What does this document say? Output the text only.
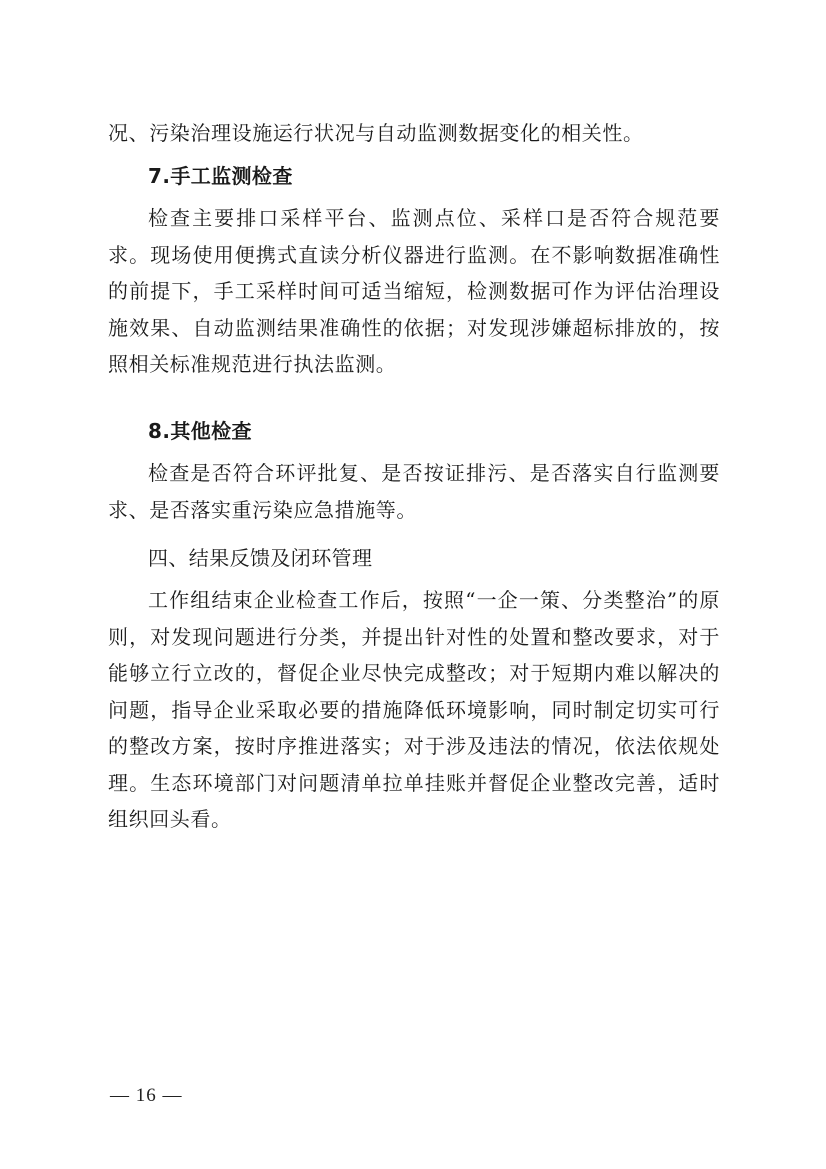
况、污染治理设施运行状况与自动监测数据变化的相关性。

7.手工监测检查

检查主要排口采样平台、监测点位、采样口是否符合规范要求。现场使用便携式直读分析仪器进行监测。在不影响数据准确性的前提下，手工采样时间可适当缩短，检测数据可作为评估治理设施效果、自动监测结果准确性的依据；对发现涉嫌超标排放的，按照相关标准规范进行执法监测。

8.其他检查

检查是否符合环评批复、是否按证排污、是否落实自行监测要求、是否落实重污染应急措施等。

四、结果反馈及闭环管理

工作组结束企业检查工作后，按照“一企一策、分类整治”的原则，对发现问题进行分类，并提出针对性的处置和整改要求，对于能够立行立改的，督促企业尽快完成整改；对于短期内难以解决的问题，指导企业采取必要的措施降低环境影响，同时制定切实可行的整改方案，按时序推进落实；对于涉及违法的情况，依法依规处理。生态环境部门对问题清单拉单挂账并督促企业整改完善，适时组织回头看。

— 16 —
